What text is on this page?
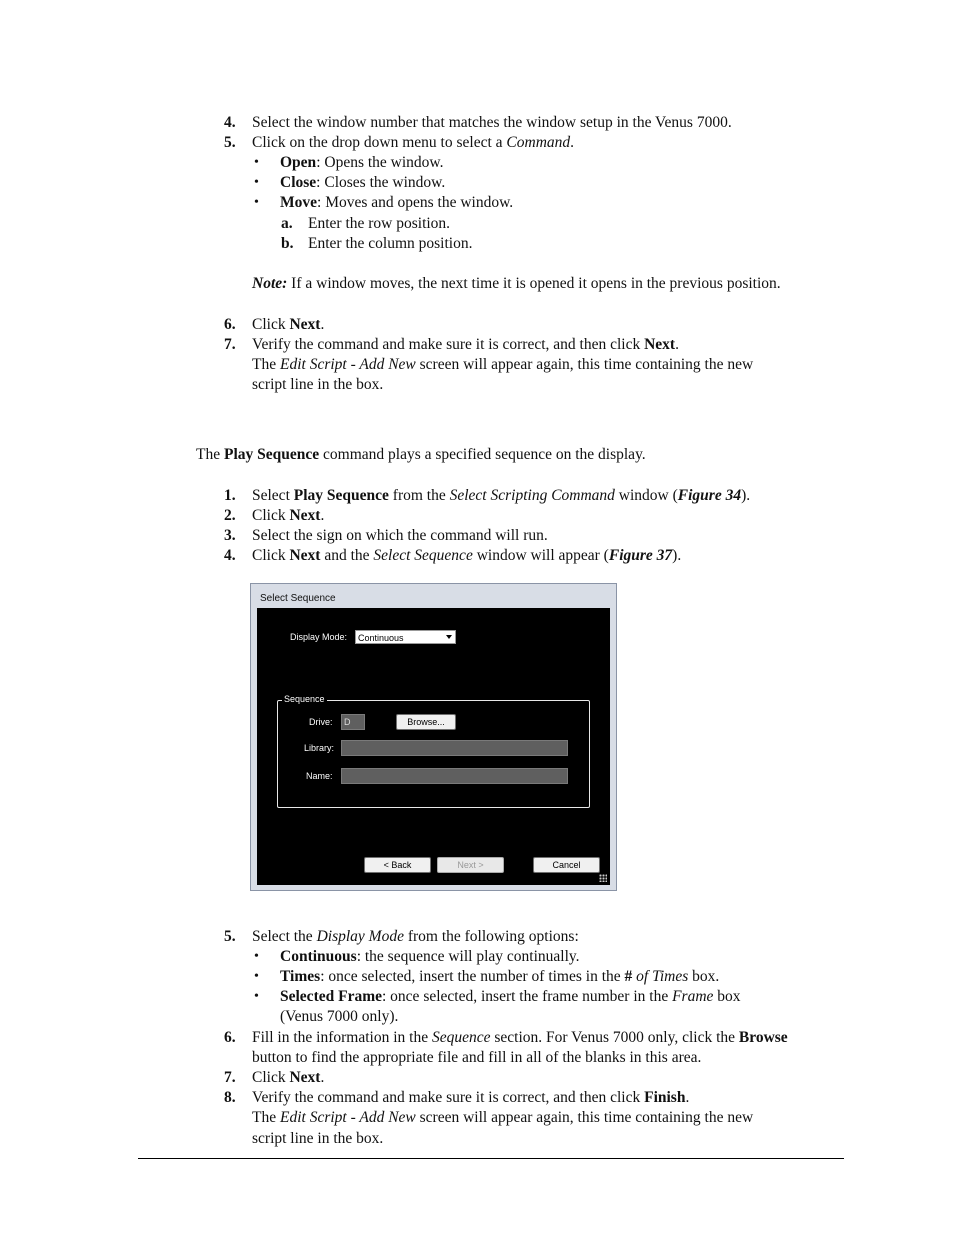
4. Select the window number that matches the window setup in the Venus 7000.
5. Click on the drop down menu to select a Command.
• Open: Opens the window.
• Close: Closes the window.
• Move: Moves and opens the window.
a. Enter the row position.
b. Enter the column position.
Note: If a window moves, the next time it is opened it opens in the previous position.
6. Click Next.
7. Verify the command and make sure it is correct, and then click Next.
The Edit Script - Add New screen will appear again, this time containing the new
script line in the box.
The Play Sequence command plays a specified sequence on the display.
1. Select Play Sequence from the Select Scripting Command window (Figure 34).
2. Click Next.
3. Select the sign on which the command will run.
4. Click Next and the Select Sequence window will appear (Figure 37).
Select Sequence
Display Mode:	Continuous
Sequence
Drive:	D	Browse...
Library:
Name:
< Back	Next >	Cancel
5. Select the Display Mode from the following options:
• Continuous: the sequence will play continually.
• Times: once selected, insert the number of times in the # of Times box.
• Selected Frame: once selected, insert the frame number in the Frame box
(Venus 7000 only).
6. Fill in the information in the Sequence section. For Venus 7000 only, click the Browse
button to find the appropriate file and fill in all of the blanks in this area.
7. Click Next.
8. Verify the command and make sure it is correct, and then click Finish.
The Edit Script - Add New screen will appear again, this time containing the new
script line in the box.
